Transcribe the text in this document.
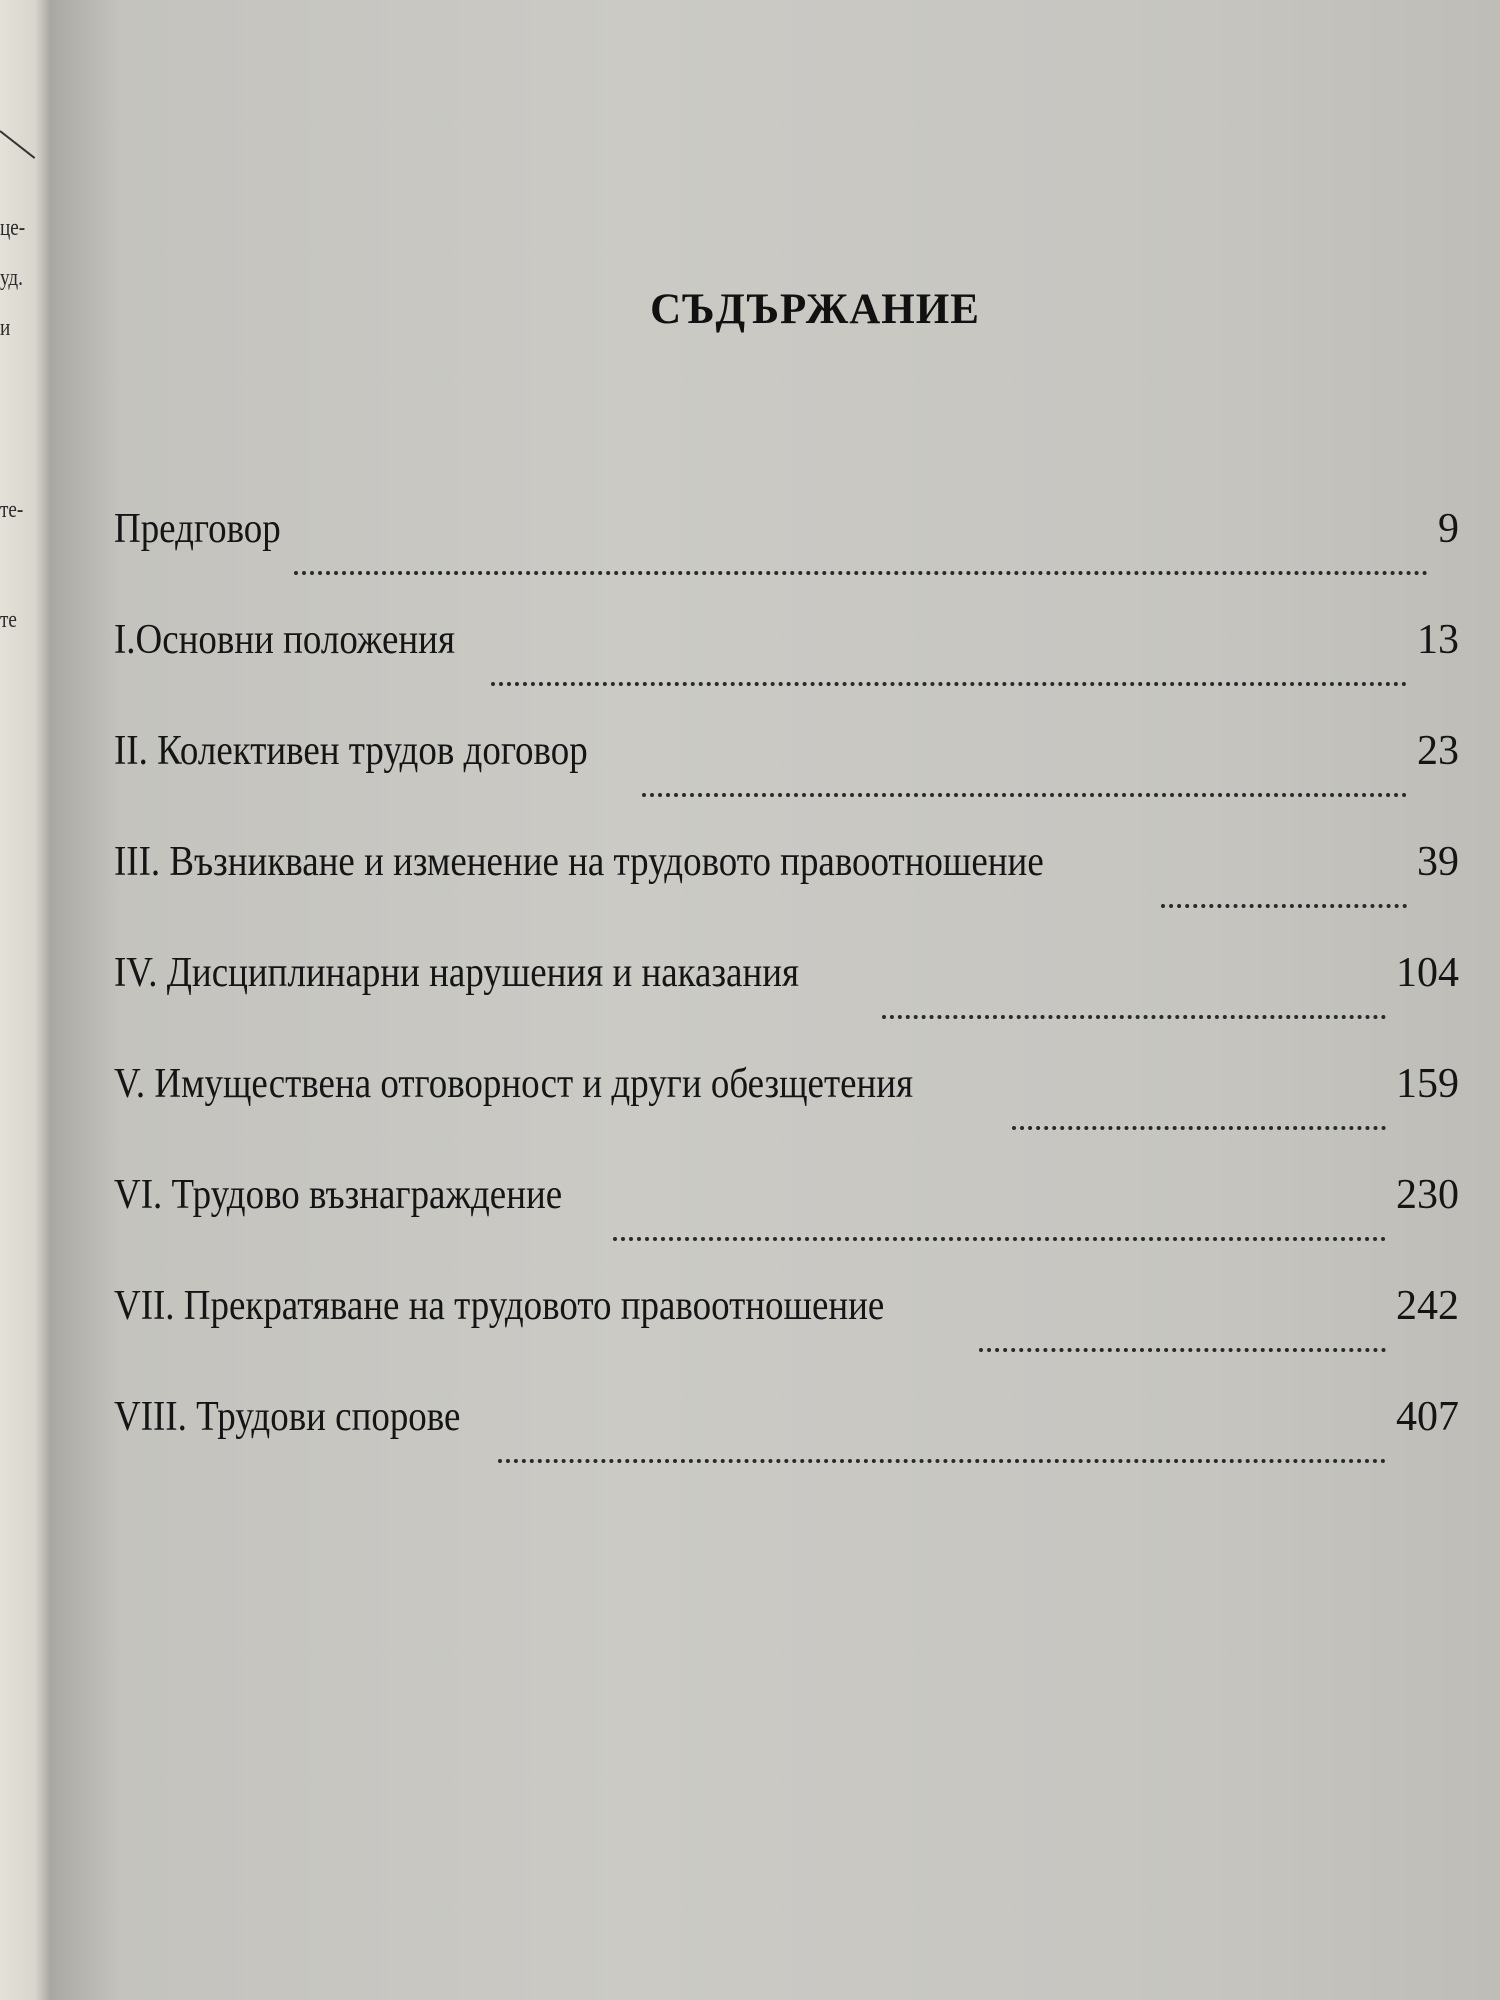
це-
уд.
и
те-
те
СЪДЪРЖАНИЕ
Предговор	9
I.Основни положения	13
II. Колективен трудов договор	23
III. Възникване и изменение на трудовото правоотношение	39
IV. Дисциплинарни нарушения и наказания	104
V. Имуществена отговорност и други обезщетения	159
VI. Трудово възнаграждение	230
VII. Прекратяване на трудовото правоотношение	242
VIII. Трудови спорове	407
